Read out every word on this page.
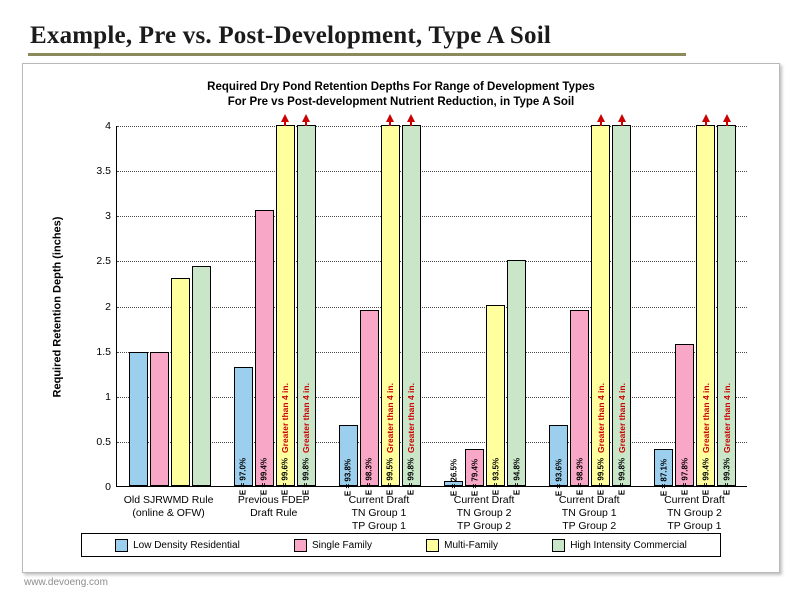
Example, Pre vs. Post-Development, Type A Soil
Required Dry Pond Retention Depths For Range of Development Types
For Pre vs Post-development Nutrient Reduction, in Type A Soil
Required Retention Depth (inches)
0
0.5
1
1.5
2
2.5
3
3.5
4
E = 97.0% E = 99.4% E = 99.6%
Greater than 4 in.
E = 99.8%
Greater than 4 in.
E = 93.8% E = 98.3% E = 99.5%
Greater than 4 in.
E = 99.8%
Greater than 4 in.
E = 26.5% E = 79.4% E = 93.5% E = 94.8%	E = 93.6% E = 98.3% E = 99.5%
Greater than 4 in.
E = 99.8%
Greater than 4 in.
E = 87.1% E = 97.8% E = 99.4%
Greater than 4 in.
E = 99.3%
Greater than 4 in.
Low Density Residential	Single Family	Multi-Family	High Intensity Commercial
Old SJRWMD Rule
(online & OFW)
Previous FDEP
Draft Rule
Current Draft
TN Group 1
TP Group 1
Current Draft
TN Group 2
TP Group 2
Current Draft
TN Group 1
TP Group 2
Current Draft
TN Group 2
TP Group 1
www.devoeng.com
